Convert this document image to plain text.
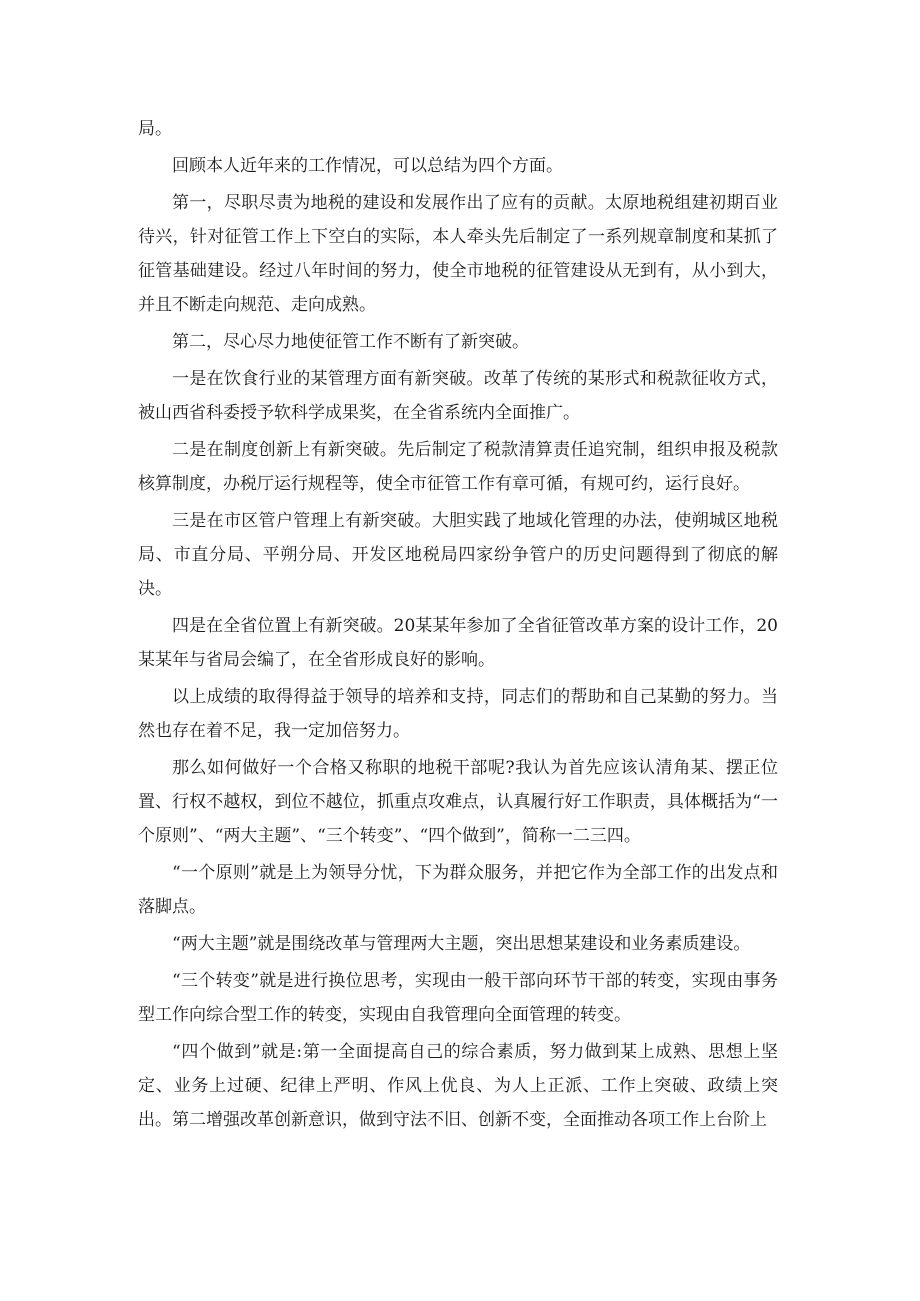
局。

回顾本人近年来的工作情况，可以总结为四个方面。

第一，尽职尽责为地税的建设和发展作出了应有的贡献。太原地税组建初期百业待兴，针对征管工作上下空白的实际，本人牵头先后制定了一系列规章制度和某抓了征管基础建设。经过八年时间的努力，使全市地税的征管建设从无到有，从小到大，并且不断走向规范、走向成熟。

第二，尽心尽力地使征管工作不断有了新突破。

一是在饮食行业的某管理方面有新突破。改革了传统的某形式和税款征收方式，被山西省科委授予软科学成果奖，在全省系统内全面推广。

二是在制度创新上有新突破。先后制定了税款清算责任追究制，组织申报及税款核算制度，办税厅运行规程等，使全市征管工作有章可循，有规可约，运行良好。

三是在市区管户管理上有新突破。大胆实践了地域化管理的办法，使朔城区地税局、市直分局、平朔分局、开发区地税局四家纷争管户的历史问题得到了彻底的解决。

四是在全省位置上有新突破。20某某年参加了全省征管改革方案的设计工作，20某某年与省局会编了，在全省形成良好的影响。

以上成绩的取得得益于领导的培养和支持，同志们的帮助和自己某勤的努力。当然也存在着不足，我一定加倍努力。

那么如何做好一个合格又称职的地税干部呢?我认为首先应该认清角某、摆正位置、行权不越权，到位不越位，抓重点攻难点，认真履行好工作职责，具体概括为“一个原则”、“两大主题”、“三个转变”、“四个做到”，简称一二三四。

“一个原则”就是上为领导分忧，下为群众服务，并把它作为全部工作的出发点和落脚点。

“两大主题”就是围绕改革与管理两大主题，突出思想某建设和业务素质建设。

“三个转变”就是进行换位思考，实现由一般干部向环节干部的转变，实现由事务型工作向综合型工作的转变，实现由自我管理向全面管理的转变。

“四个做到”就是:第一全面提高自己的综合素质，努力做到某上成熟、思想上坚定、业务上过硬、纪律上严明、作风上优良、为人上正派、工作上突破、政绩上突出。第二增强改革创新意识，做到守法不旧、创新不变，全面推动各项工作上台阶上
